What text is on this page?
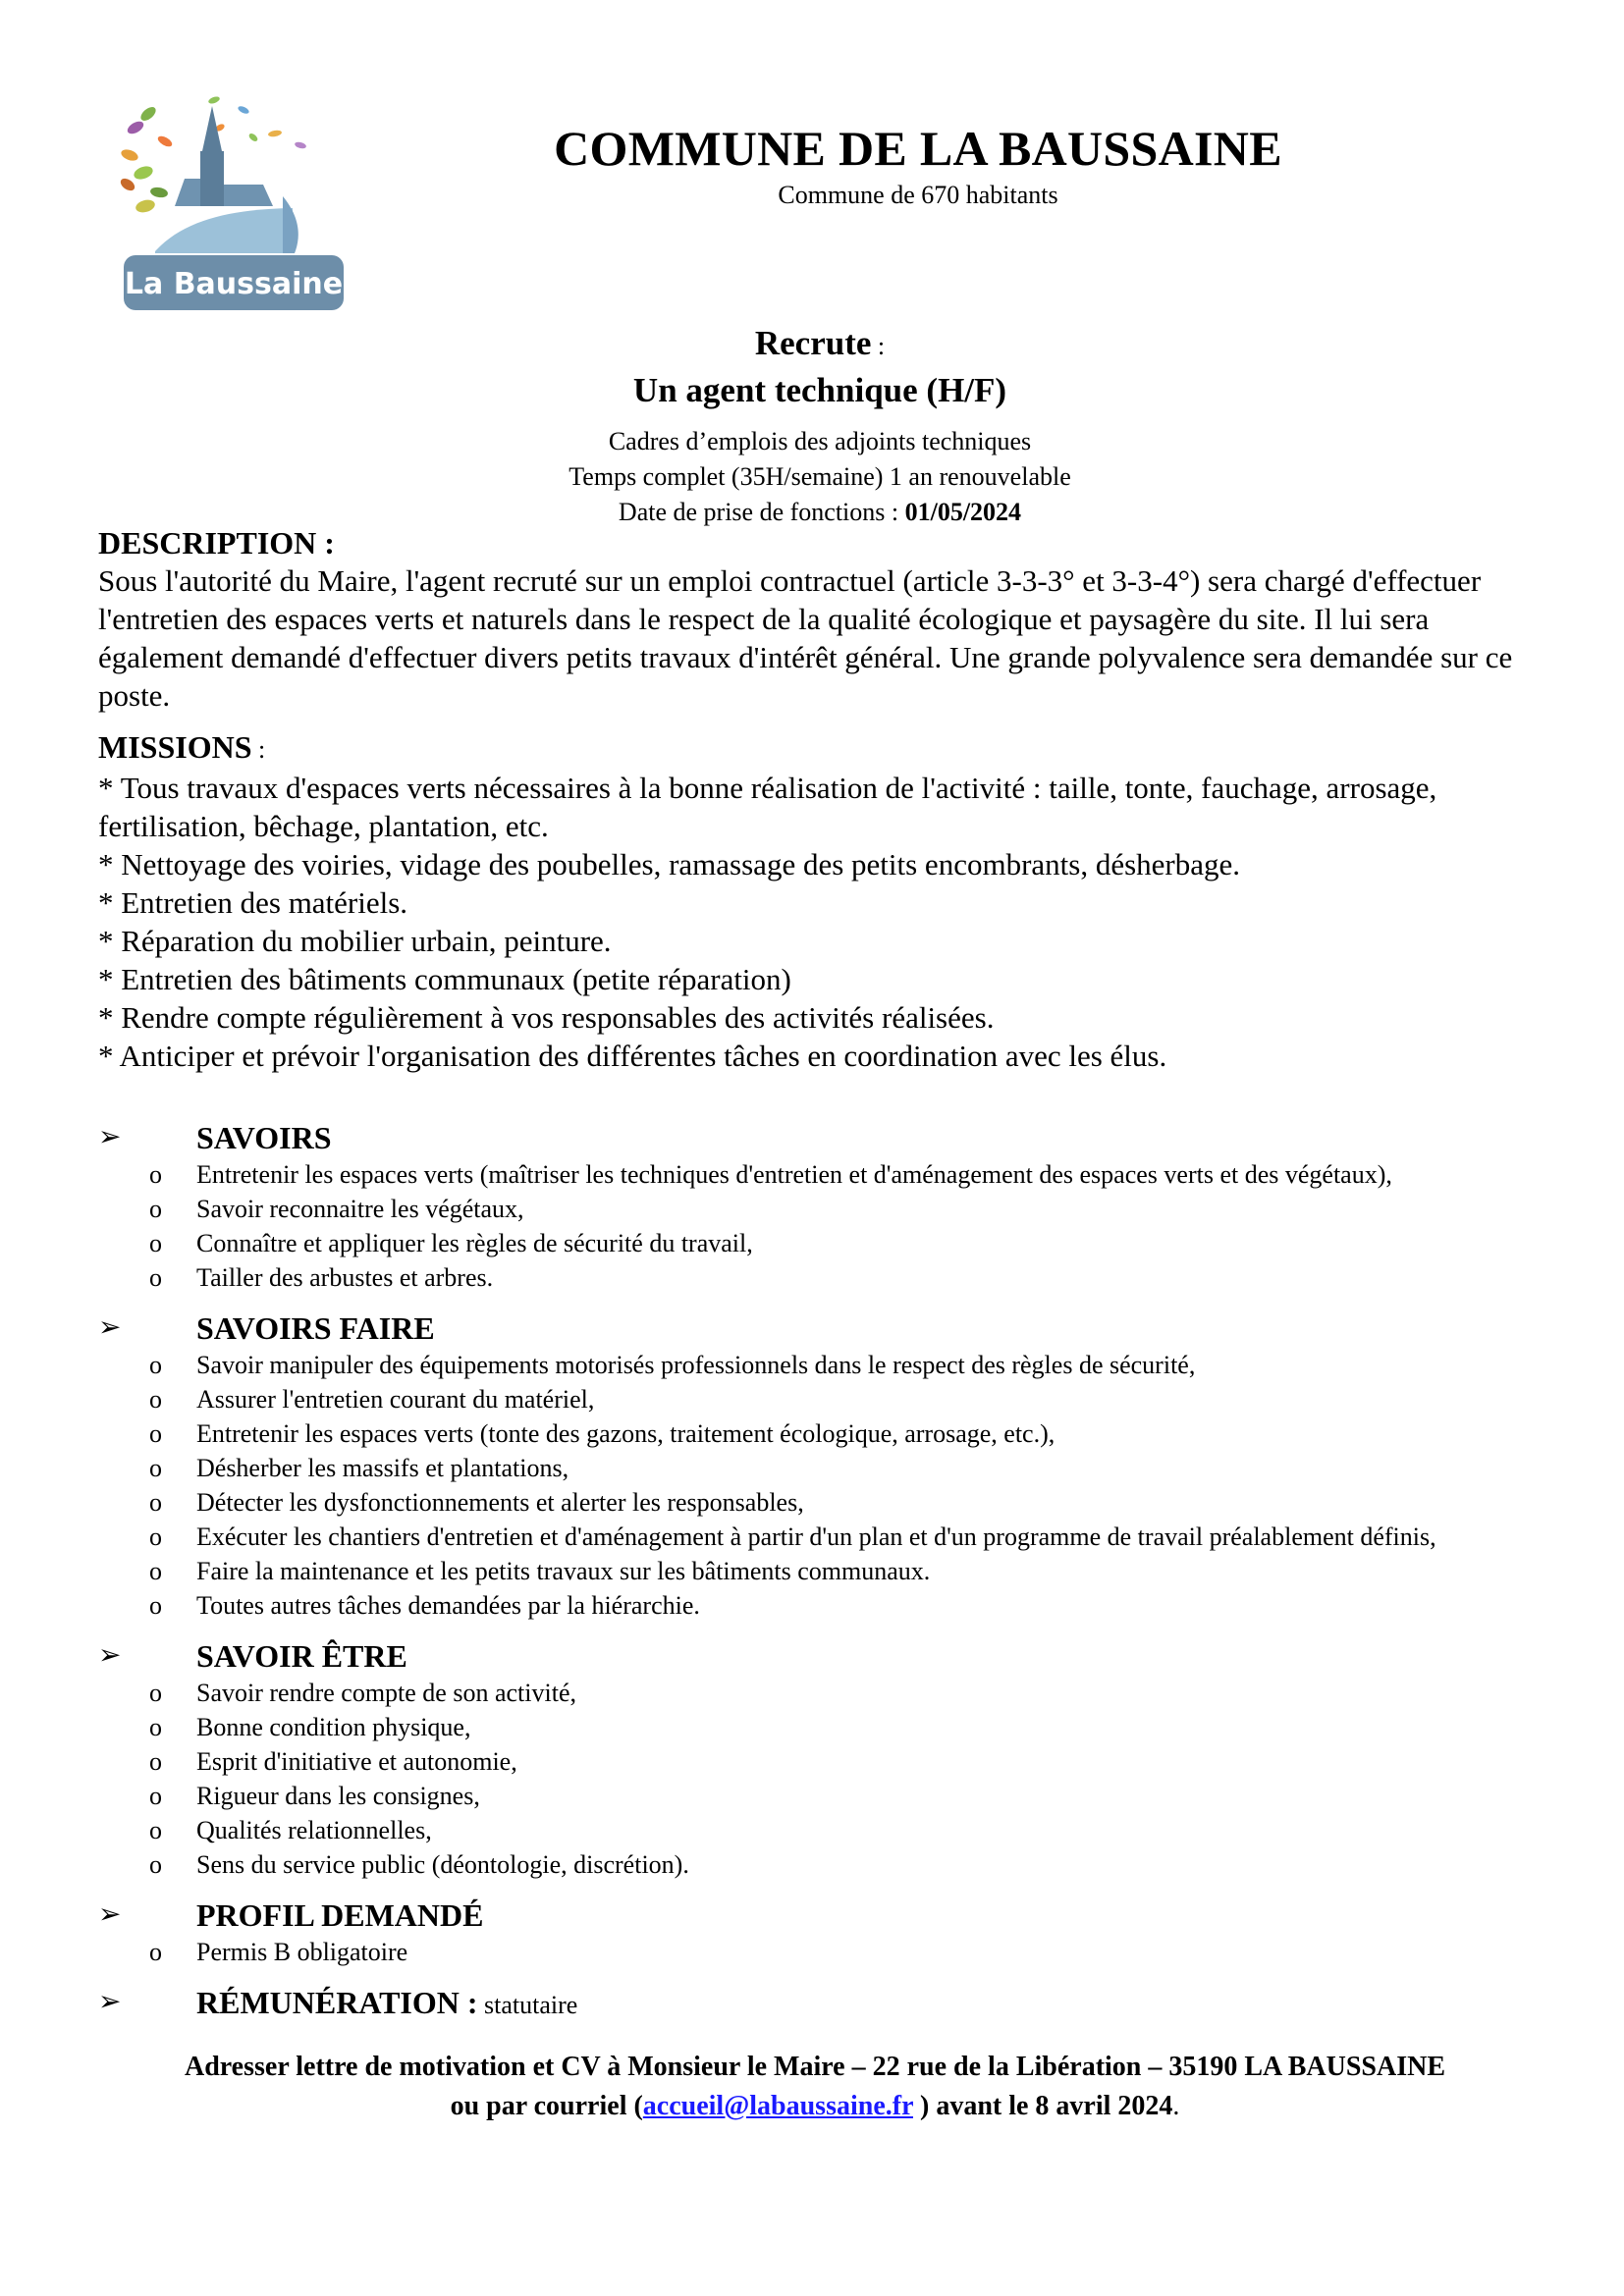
La Baussaine
COMMUNE DE LA BAUSSAINE
Commune de 670 habitants
Recrute :
Un agent technique (H/F)
Cadres d’emplois des adjoints techniques
Temps complet (35H/semaine) 1 an renouvelable
Date de prise de fonctions : 01/05/2024
DESCRIPTION :
Sous l'autorité du Maire, l'agent recruté sur un emploi contractuel (article 3-3-3° et 3-3-4°) sera chargé d'effectuer l'entretien des espaces verts et naturels dans le respect de la qualité écologique et paysagère du site. Il lui sera également demandé d'effectuer divers petits travaux d'intérêt général. Une grande polyvalence sera demandée sur ce poste.
MISSIONS :
* Tous travaux d'espaces verts nécessaires à la bonne réalisation de l'activité : taille, tonte, fauchage, arrosage, fertilisation, bêchage, plantation, etc.
* Nettoyage des voiries, vidage des poubelles, ramassage des petits encombrants, désherbage.
* Entretien des matériels.
* Réparation du mobilier urbain, peinture.
* Entretien des bâtiments communaux (petite réparation)
* Rendre compte régulièrement à vos responsables des activités réalisées.
* Anticiper et prévoir l'organisation des différentes tâches en coordination avec les élus.
➢ SAVOIRS
o Entretenir les espaces verts (maîtriser les techniques d'entretien et d'aménagement des espaces verts et des végétaux),
o Savoir reconnaitre les végétaux,
o Connaître et appliquer les règles de sécurité du travail,
o Tailler des arbustes et arbres.
➢ SAVOIRS FAIRE
o Savoir manipuler des équipements motorisés professionnels dans le respect des règles de sécurité,
o Assurer l'entretien courant du matériel,
o Entretenir les espaces verts (tonte des gazons, traitement écologique, arrosage, etc.),
o Désherber les massifs et plantations,
o Détecter les dysfonctionnements et alerter les responsables,
o Exécuter les chantiers d'entretien et d'aménagement à partir d'un plan et d'un programme de travail préalablement définis,
o Faire la maintenance et les petits travaux sur les bâtiments communaux.
o Toutes autres tâches demandées par la hiérarchie.
➢ SAVOIR ÊTRE
o Savoir rendre compte de son activité,
o Bonne condition physique,
o Esprit d'initiative et autonomie,
o Rigueur dans les consignes,
o Qualités relationnelles,
o Sens du service public (déontologie, discrétion).
➢ PROFIL DEMANDÉ
o Permis B obligatoire
➢ RÉMUNÉRATION : statutaire
Adresser lettre de motivation et CV à Monsieur le Maire – 22 rue de la Libération – 35190 LA BAUSSAINE
ou par courriel (accueil@labaussaine.fr ) avant le 8 avril 2024.
